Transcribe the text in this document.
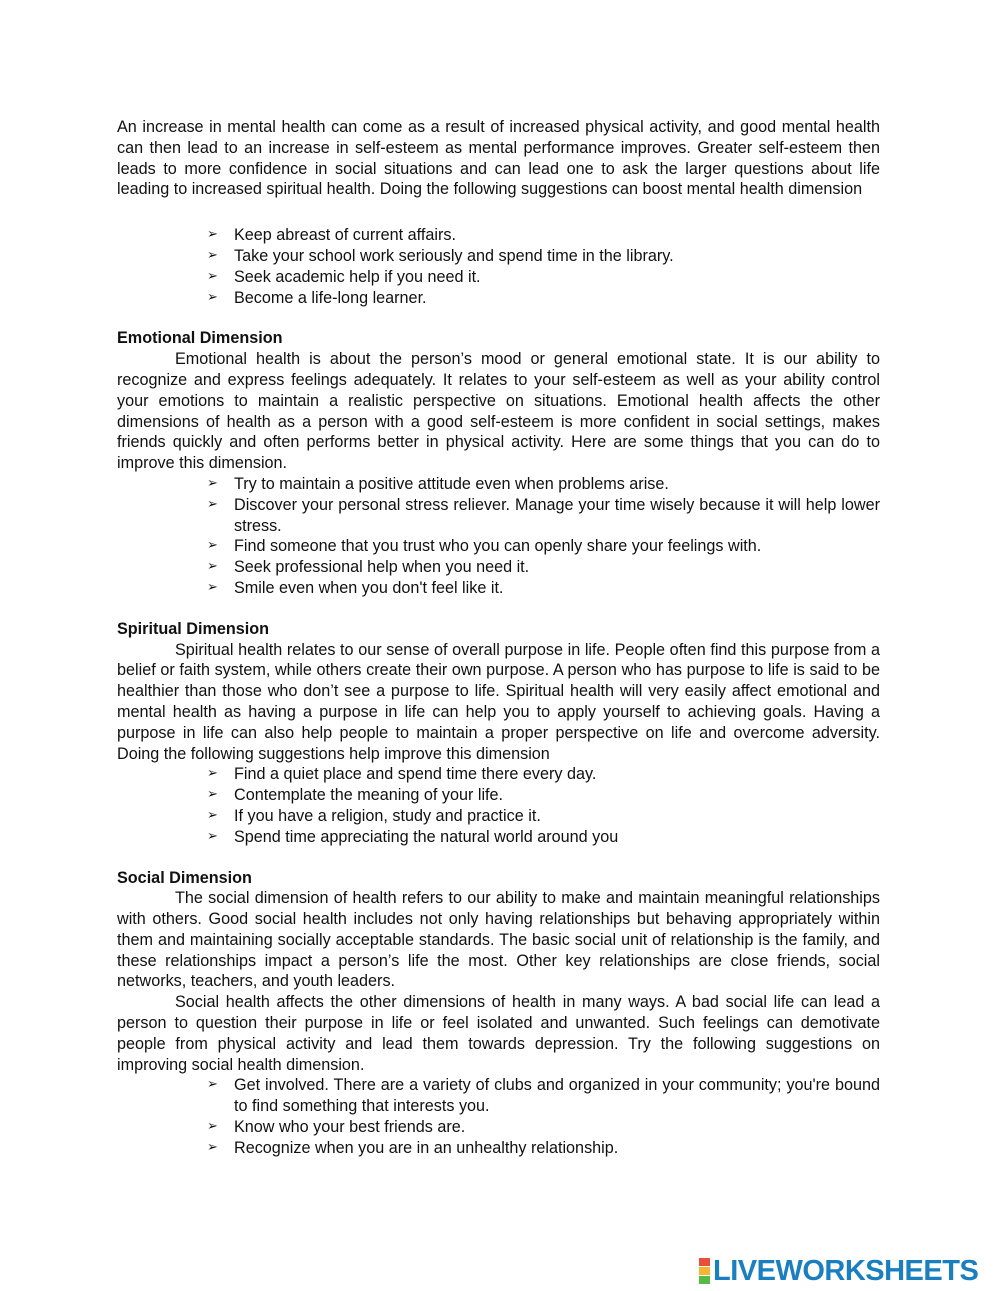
An increase in mental health can come as a result of increased physical activity, and good mental health can then lead to an increase in self-esteem as mental performance improves. Greater self-esteem then leads to more confidence in social situations and can lead one to ask the larger questions about life leading to increased spiritual health. Doing the following suggestions can boost mental health dimension

➢ Keep abreast of current affairs.
➢ Take your school work seriously and spend time in the library.
➢ Seek academic help if you need it.
➢ Become a life-long learner.
Emotional Dimension

Emotional health is about the person’s mood or general emotional state. It is our ability to recognize and express feelings adequately. It relates to your self-esteem as well as your ability control your emotions to maintain a realistic perspective on situations. Emotional health affects the other dimensions of health as a person with a good self-esteem is more confident in social settings, makes friends quickly and often performs better in physical activity. Here are some things that you can do to improve this dimension.

➢ Try to maintain a positive attitude even when problems arise.
➢ Discover your personal stress reliever. Manage your time wisely because it will help lower stress.
➢ Find someone that you trust who you can openly share your feelings with.
➢ Seek professional help when you need it.
➢ Smile even when you don't feel like it.
Spiritual Dimension

Spiritual health relates to our sense of overall purpose in life. People often find this purpose from a belief or faith system, while others create their own purpose. A person who has purpose to life is said to be healthier than those who don’t see a purpose to life. Spiritual health will very easily affect emotional and mental health as having a purpose in life can help you to apply yourself to achieving goals. Having a purpose in life can also help people to maintain a proper perspective on life and overcome adversity. Doing the following suggestions help improve this dimension

➢ Find a quiet place and spend time there every day.
➢ Contemplate the meaning of your life.
➢ If you have a religion, study and practice it.
➢ Spend time appreciating the natural world around you
Social Dimension

The social dimension of health refers to our ability to make and maintain meaningful relationships with others. Good social health includes not only having relationships but behaving appropriately within them and maintaining socially acceptable standards. The basic social unit of relationship is the family, and these relationships impact a person’s life the most. Other key relationships are close friends, social networks, teachers, and youth leaders.

Social health affects the other dimensions of health in many ways. A bad social life can lead a person to question their purpose in life or feel isolated and unwanted. Such feelings can demotivate people from physical activity and lead them towards depression. Try the following suggestions on improving social health dimension.

➢ Get involved. There are a variety of clubs and organized in your community; you're bound to find something that interests you.
➢ Know who your best friends are.
➢ Recognize when you are in an unhealthy relationship.
LIVEWORKSHEETS
